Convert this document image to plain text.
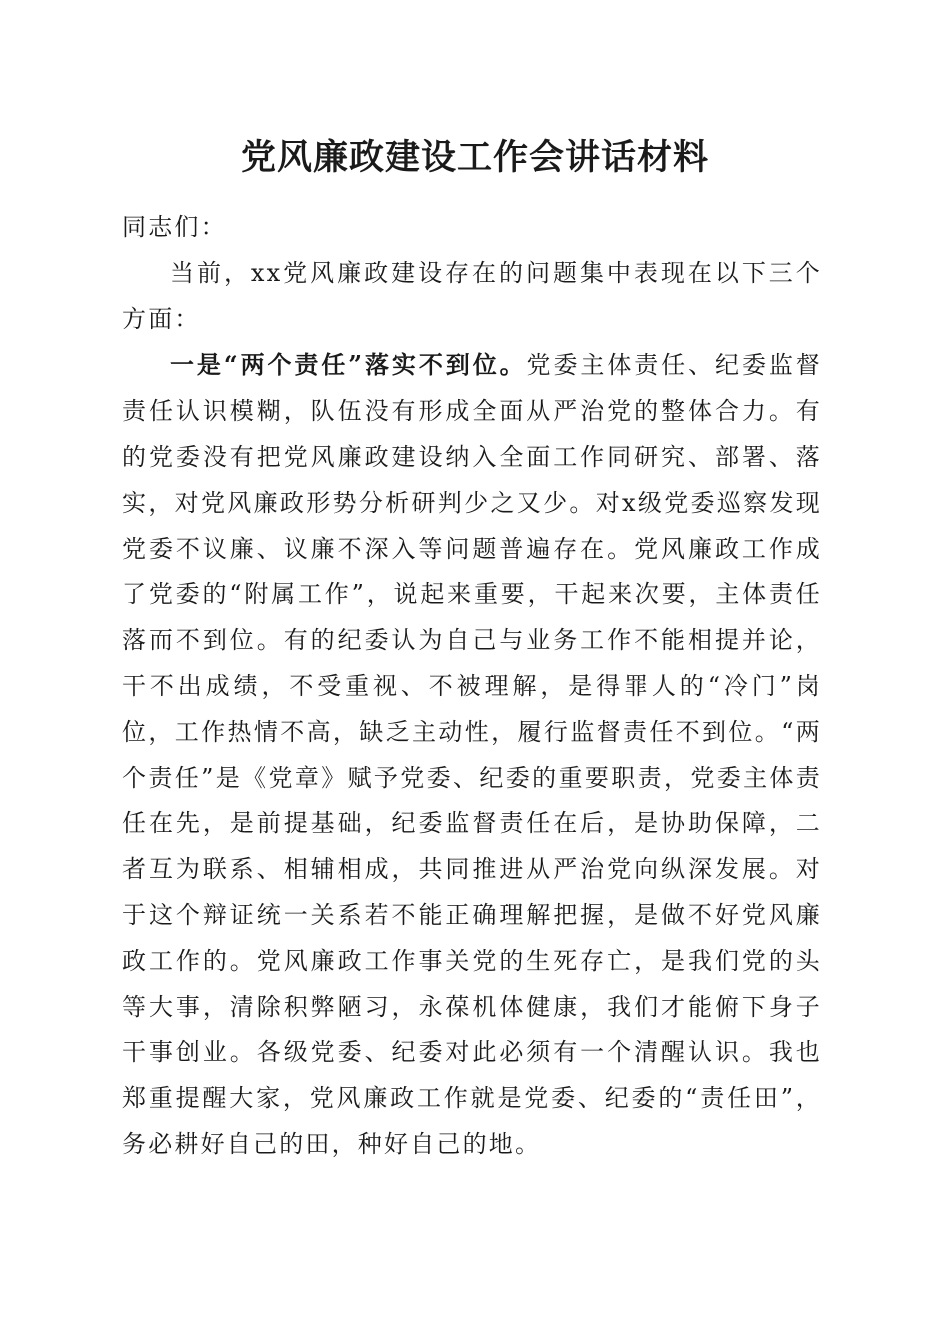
党风廉政建设工作会讲话材料

同志们：

当前，xx党风廉政建设存在的问题集中表现在以下三个方面：

一是“两个责任”落实不到位。党委主体责任、纪委监督责任认识模糊，队伍没有形成全面从严治党的整体合力。有的党委没有把党风廉政建设纳入全面工作同研究、部署、落实，对党风廉政形势分析研判少之又少。对x级党委巡察发现党委不议廉、议廉不深入等问题普遍存在。党风廉政工作成了党委的“附属工作”，说起来重要，干起来次要，主体责任落而不到位。有的纪委认为自己与业务工作不能相提并论，干不出成绩，不受重视、不被理解，是得罪人的“冷门”岗位，工作热情不高，缺乏主动性，履行监督责任不到位。“两个责任”是《党章》赋予党委、纪委的重要职责，党委主体责任在先，是前提基础，纪委监督责任在后，是协助保障，二者互为联系、相辅相成，共同推进从严治党向纵深发展。对于这个辩证统一关系若不能正确理解把握，是做不好党风廉政工作的。党风廉政工作事关党的生死存亡，是我们党的头等大事，清除积弊陋习，永葆机体健康，我们才能俯下身子干事创业。各级党委、纪委对此必须有一个清醒认识。我也郑重提醒大家，党风廉政工作就是党委、纪委的“责任田”，务必耕好自己的田，种好自己的地。
